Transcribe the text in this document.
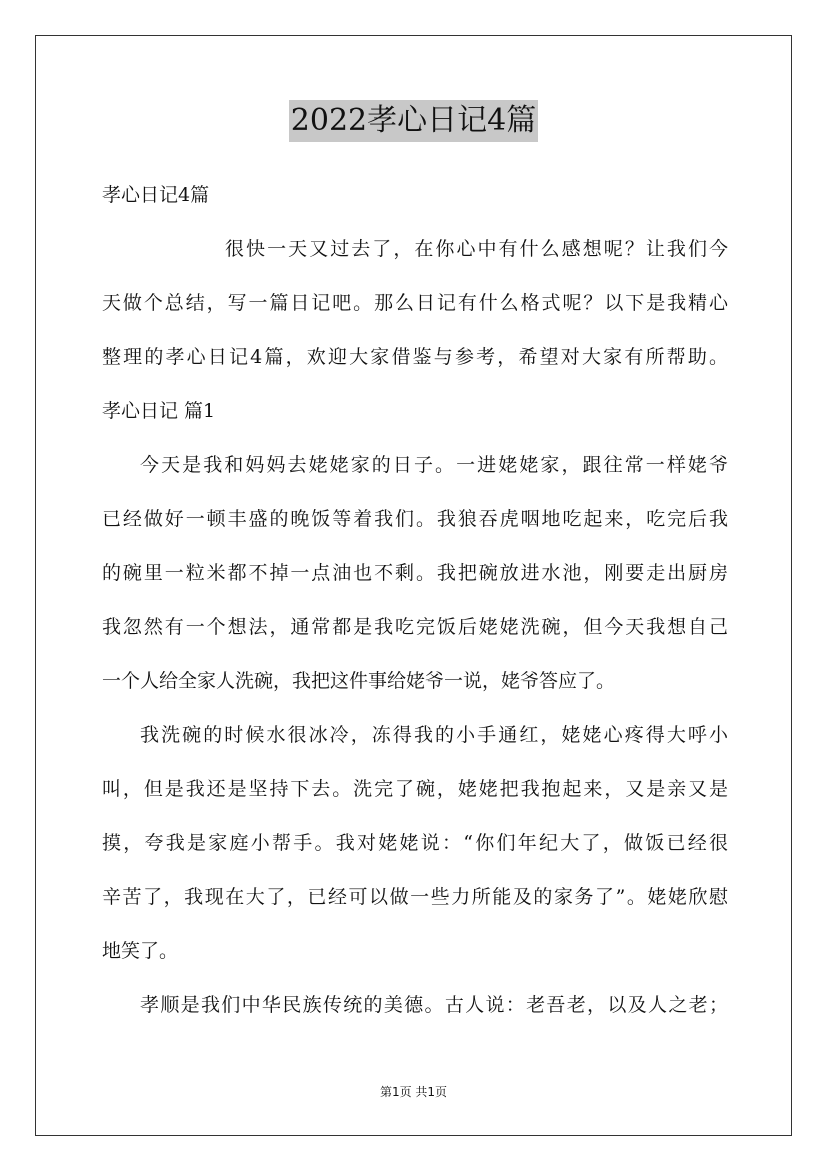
2022孝心日记4篇
孝心日记4篇
很快一天又过去了，在你心中有什么感想呢？让我们今
天做个总结，写一篇日记吧。那么日记有什么格式呢？以下是我精心
整理的孝心日记4篇，欢迎大家借鉴与参考，希望对大家有所帮助。
孝心日记 篇1
今天是我和妈妈去姥姥家的日子。一进姥姥家，跟往常一样姥爷
已经做好一顿丰盛的晚饭等着我们。我狼吞虎咽地吃起来，吃完后我
的碗里一粒米都不掉一点油也不剩。我把碗放进水池，刚要走出厨房
我忽然有一个想法，通常都是我吃完饭后姥姥洗碗，但今天我想自己
一个人给全家人洗碗，我把这件事给姥爷一说，姥爷答应了。
我洗碗的时候水很冰冷，冻得我的小手通红，姥姥心疼得大呼小
叫，但是我还是坚持下去。洗完了碗，姥姥把我抱起来，又是亲又是
摸，夸我是家庭小帮手。我对姥姥说：“你们年纪大了，做饭已经很
辛苦了，我现在大了，已经可以做一些力所能及的家务了”。姥姥欣慰
地笑了。
孝顺是我们中华民族传统的美德。古人说：老吾老，以及人之老；
第1页 共1页
